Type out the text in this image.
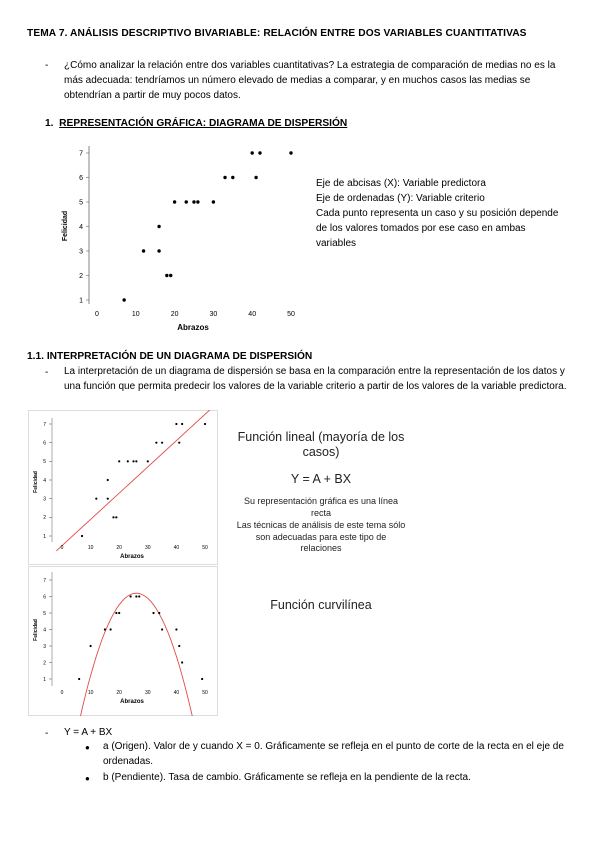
TEMA 7. ANÁLISIS DESCRIPTIVO BIVARIABLE: RELACIÓN ENTRE DOS VARIABLES CUANTITATIVAS
- ¿Cómo analizar la relación entre dos variables cuantitativas? La estrategia de comparación de medias no es la más adecuada: tendríamos un número elevado de medias a comparar, y en muchos casos las medias se obtendrían a partir de muy pocos datos.
1. REPRESENTACIÓN GRÁFICA: DIAGRAMA DE DISPERSIÓN
1
2
3
4
5
6
7
0	10	20	30	40	50
Felicidad
Abrazos
Eje de abcisas (X): Variable predictora
Eje de ordenadas (Y): Variable criterio
Cada punto representa un caso y su posición depende de los valores tomados por ese caso en ambas variables
1.1. INTERPRETACIÓN DE UN DIAGRAMA DE DISPERSIÓN
- La interpretación de un diagrama de dispersión se basa en la comparación entre la representación de los datos y una función que permita predecir los valores de la variable criterio a partir de los valores de la variable predictora.
1
2
3
4
5
6
7
0	10	20	30	40	50
Felicidad
Abrazos
Función lineal (mayoría de los casos)
Y = A + BX
Su representación gráfica es una línea recta
Las técnicas de análisis de este tema sólo son adecuadas para este tipo de relaciones
1
2
3
4
5
6
7
0	10	20	30	40	50
Felicidad
Abrazos
Función curvilínea
- Y = A + BX
● a (Origen). Valor de y cuando X = 0. Gráficamente se refleja en el punto de corte de la recta en el eje de ordenadas.
● b (Pendiente). Tasa de cambio. Gráficamente se refleja en la pendiente de la recta.
